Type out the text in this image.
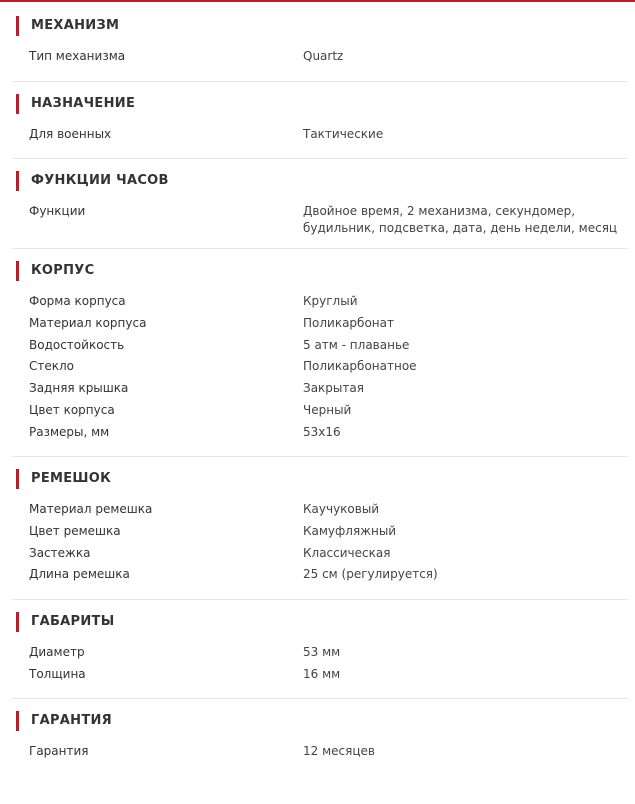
МЕХАНИЗМ
Тип механизма	Quartz
НАЗНАЧЕНИЕ
Для военных	Тактические
ФУНКЦИИ ЧАСОВ
Функции	Двойное время, 2 механизма, секундомер, будильник, подсветка, дата, день недели, месяц
КОРПУС
Форма корпуса	Круглый
Материал корпуса	Поликарбонат
Водостойкость	5 атм - плаванье
Стекло	Поликарбонатное
Задняя крышка	Закрытая
Цвет корпуса	Черный
Размеры, мм	53x16
РЕМЕШОК
Материал ремешка	Каучуковый
Цвет ремешка	Камуфляжный
Застежка	Классическая
Длина ремешка	25 см (регулируется)
ГАБАРИТЫ
Диаметр	53 мм
Толщина	16 мм
ГАРАНТИЯ
Гарантия	12 месяцев
